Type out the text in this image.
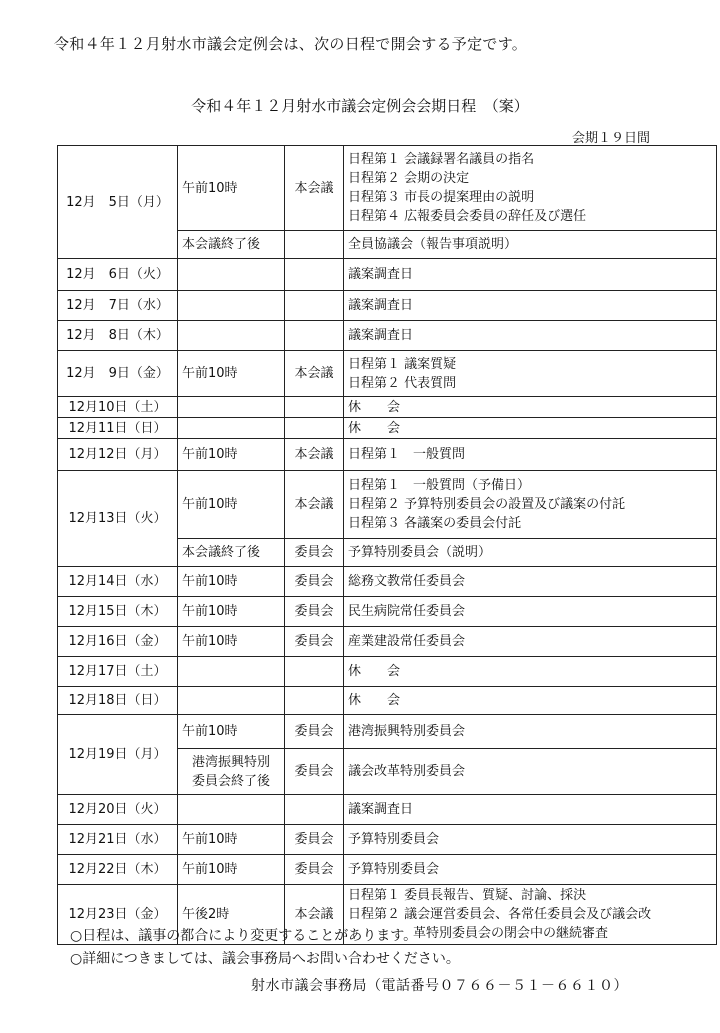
令和４年１２月射水市議会定例会は、次の日程で開会する予定です。
令和４年１２月射水市議会定例会会期日程　（案）
会期１９日間
12月　5日（月）	午前10時	本会議	日程第１ 会議録署名議員の指名
日程第２ 会期の決定
日程第３ 市長の提案理由の説明
日程第４ 広報委員会委員の辞任及び選任

	本会議終了後		全員協議会（報告事項説明）

12月　6日（火）			議案調査日

12月　7日（水）			議案調査日

12月　8日（木）			議案調査日

12月　9日（金）	午前10時	本会議	日程第１ 議案質疑
日程第２ 代表質問

12月10日（土）			休　　会

12月11日（日）			休　　会

12月12日（月）	午前10時	本会議	日程第１　一般質問

12月13日（火）	午前10時	本会議	日程第１　一般質問（予備日）
日程第２ 予算特別委員会の設置及び議案の付託
日程第３ 各議案の委員会付託

	本会議終了後	委員会	予算特別委員会（説明）

12月14日（水）	午前10時	委員会	総務文教常任委員会

12月15日（木）	午前10時	委員会	民生病院常任委員会

12月16日（金）	午前10時	委員会	産業建設常任委員会

12月17日（土）			休　　会

12月18日（日）			休　　会

12月19日（月）	午前10時	委員会	港湾振興特別委員会

	港湾振興特別
委員会終了後	委員会	議会改革特別委員会

12月20日（火）			議案調査日

12月21日（水）	午前10時	委員会	予算特別委員会

12月22日（木）	午前10時	委員会	予算特別委員会

12月23日（金）	午後2時	本会議	日程第１ 委員長報告、質疑、討論、採決
日程第２ 議会運営委員会、各常任委員会及び議会改
　　　　　革特別委員会の閉会中の継続審査
○日程は、議事の都合により変更することがあります。
○詳細につきましては、議会事務局へお問い合わせください。
射水市議会事務局（電話番号０７６６－５１－６６１０）
